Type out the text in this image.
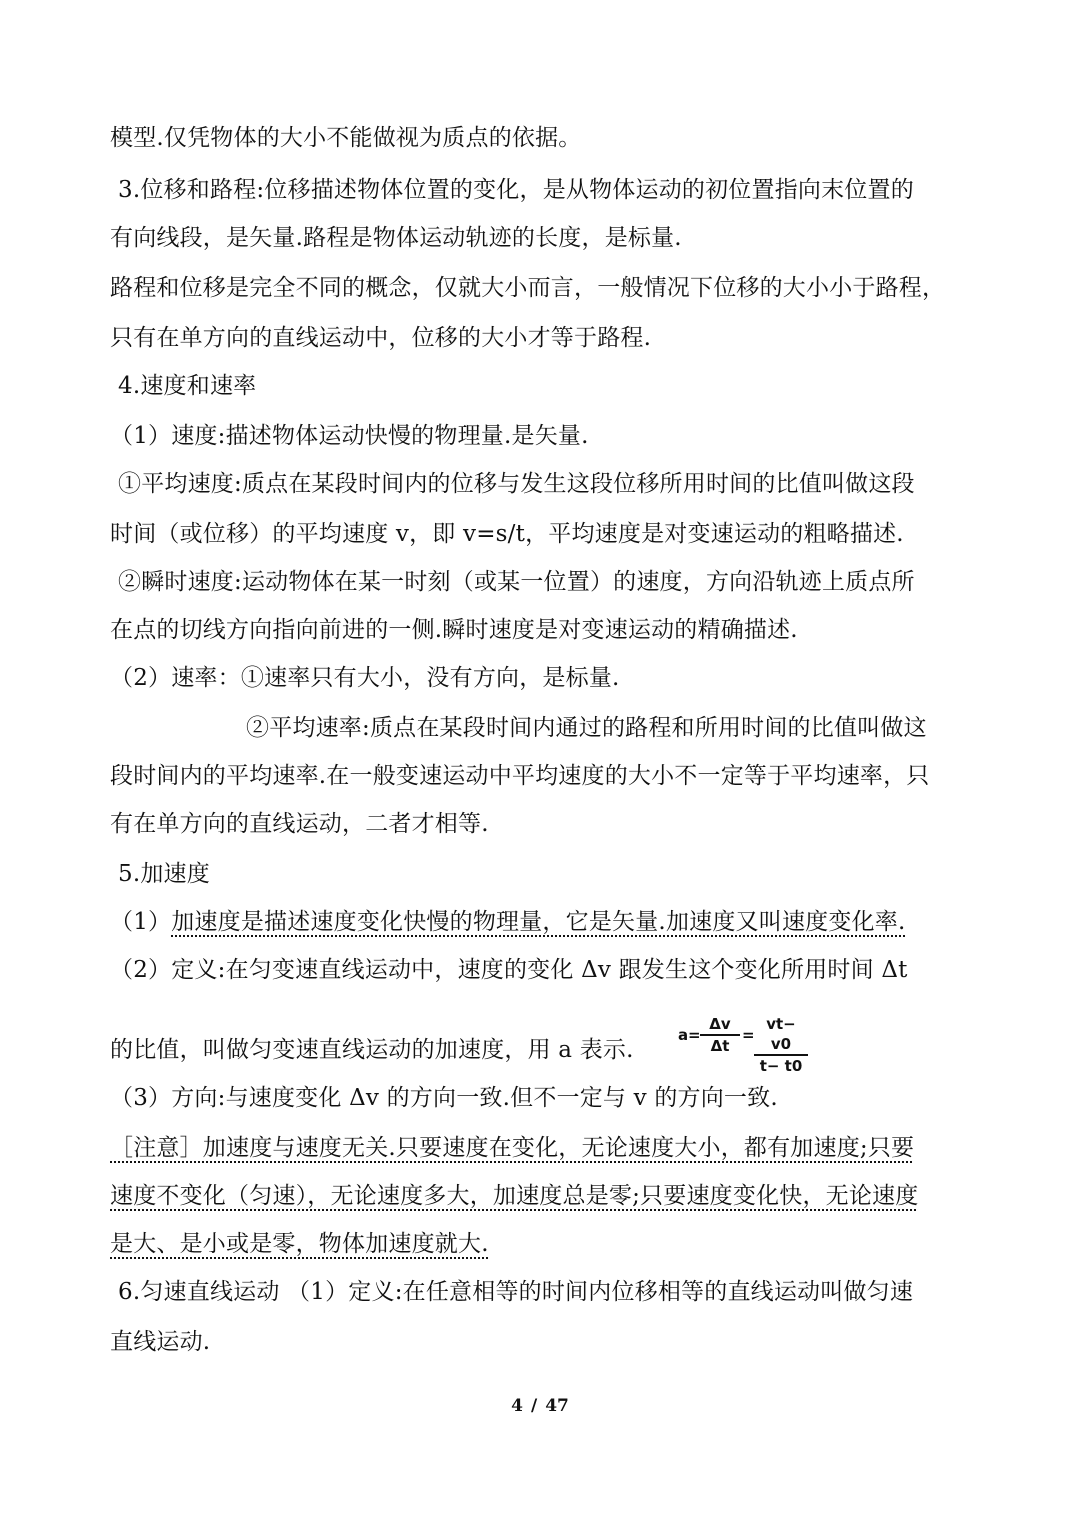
模型.仅凭物体的大小不能做视为质点的依据。
3.位移和路程:位移描述物体位置的变化，是从物体运动的初位置指向末位置的
有向线段，是矢量.路程是物体运动轨迹的长度，是标量.
路程和位移是完全不同的概念，仅就大小而言，一般情况下位移的大小小于路程，
只有在单方向的直线运动中，位移的大小才等于路程.
4.速度和速率
（1）速度:描述物体运动快慢的物理量.是矢量.
①平均速度:质点在某段时间内的位移与发生这段位移所用时间的比值叫做这段
时间（或位移）的平均速度 v，即 v=s/t，平均速度是对变速运动的粗略描述.
②瞬时速度:运动物体在某一时刻（或某一位置）的速度，方向沿轨迹上质点所
在点的切线方向指向前进的一侧.瞬时速度是对变速运动的精确描述.
（2）速率：①速率只有大小，没有方向，是标量.
②平均速率:质点在某段时间内通过的路程和所用时间的比值叫做这
段时间内的平均速率.在一般变速运动中平均速度的大小不一定等于平均速率，只
有在单方向的直线运动，二者才相等.
5.加速度
（1）加速度是描述速度变化快慢的物理量，它是矢量.加速度又叫速度变化率.
（2）定义:在匀变速直线运动中，速度的变化 Δv 跟发生这个变化所用时间 Δt
的比值，叫做匀变速直线运动的加速度，用 a 表示.
$a = \frac{\Delta v}{\Delta t} = \frac{vt- v0}{t- t0}$
（3）方向:与速度变化 Δv 的方向一致.但不一定与 v 的方向一致.
［注意］加速度与速度无关.只要速度在变化，无论速度大小，都有加速度;只要
速度不变化（匀速），无论速度多大，加速度总是零;只要速度变化快，无论速度
是大、是小或是零，物体加速度就大.
6.匀速直线运动 （1）定义:在任意相等的时间内位移相等的直线运动叫做匀速
直线运动.
4 / 47
